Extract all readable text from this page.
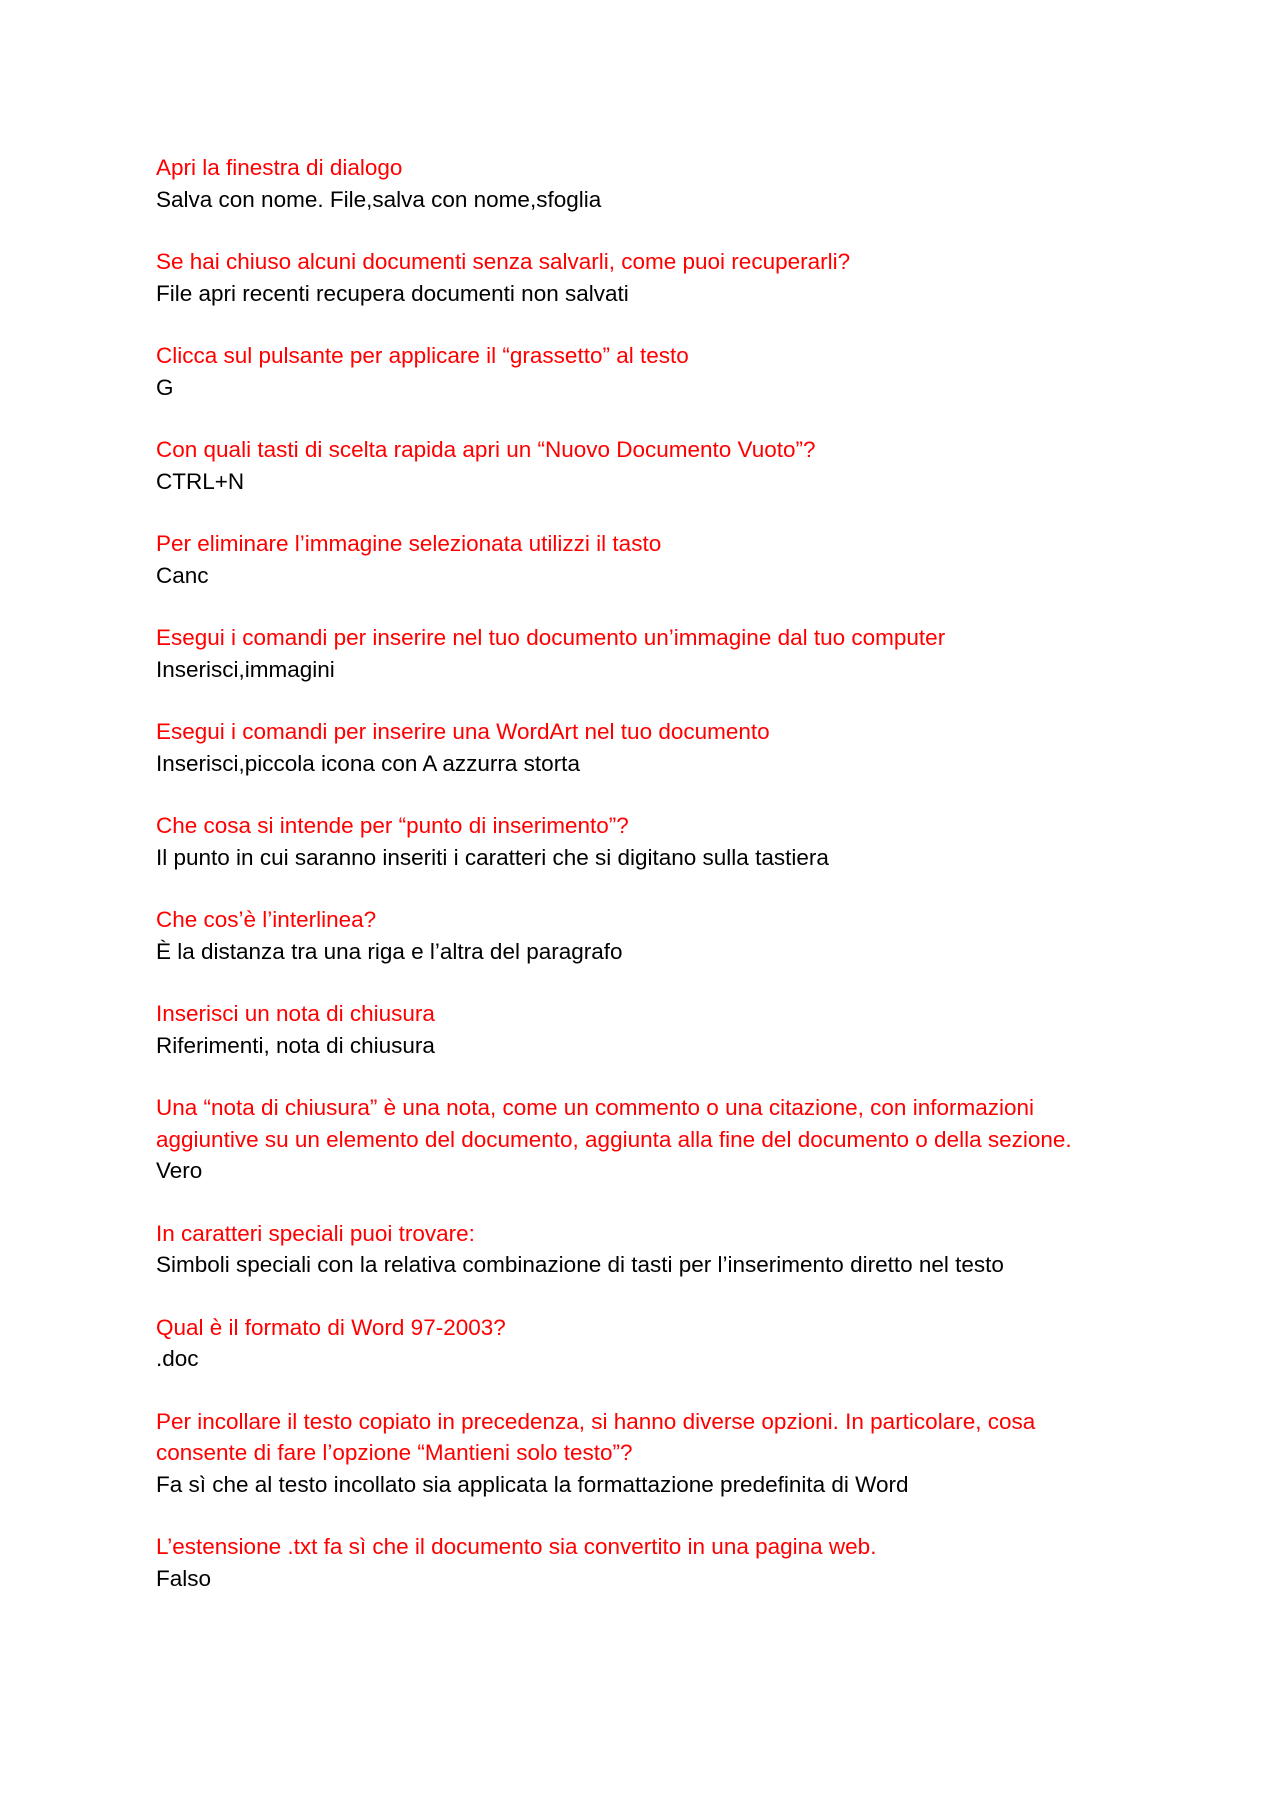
Apri la finestra di dialogo
Salva con nome. File,salva con nome,sfoglia
Se hai chiuso alcuni documenti senza salvarli, come puoi recuperarli?
File apri recenti recupera documenti non salvati
Clicca sul pulsante per applicare il “grassetto” al testo
G
Con quali tasti di scelta rapida apri un “Nuovo Documento Vuoto”?
CTRL+N
Per eliminare l’immagine selezionata utilizzi il tasto
Canc
Esegui i comandi per inserire nel tuo documento un’immagine dal tuo computer
Inserisci,immagini
Esegui i comandi per inserire una WordArt nel tuo documento
Inserisci,piccola icona con A azzurra storta
Che cosa si intende per “punto di inserimento”?
Il punto in cui saranno inseriti i caratteri che si digitano sulla tastiera
Che cos’è l’interlinea?
È la distanza tra una riga e l’altra del paragrafo
Inserisci un nota di chiusura
Riferimenti, nota di chiusura
Una “nota di chiusura” è una nota, come un commento o una citazione, con informazioni
aggiuntive su un elemento del documento, aggiunta alla fine del documento o della sezione.
Vero
In caratteri speciali puoi trovare:
Simboli speciali con la relativa combinazione di tasti per l’inserimento diretto nel testo
Qual è il formato di Word 97-2003?
.doc
Per incollare il testo copiato in precedenza, si hanno diverse opzioni. In particolare, cosa
consente di fare l’opzione “Mantieni solo testo”?
Fa sì che al testo incollato sia applicata la formattazione predefinita di Word
L’estensione .txt fa sì che il documento sia convertito in una pagina web.
Falso
